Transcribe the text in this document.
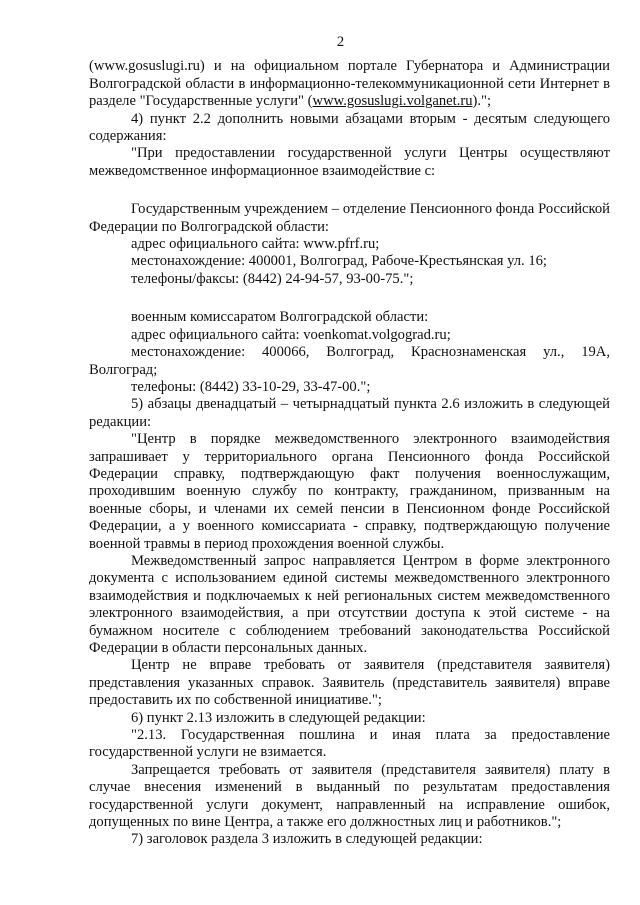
2

(www.gosuslugi.ru) и на официальном портале Губернатора и Администрации Волгоградской области в информационно-телекоммуникационной сети Интернет в разделе "Государственные услуги" (www.gosuslugi.volganet.ru).";

4) пункт 2.2 дополнить новыми абзацами вторым - десятым следующего содержания:

"При предоставлении государственной услуги Центры осуществляют межведомственное информационное взаимодействие с:

Государственным учреждением – отделение Пенсионного фонда Российской Федерации по Волгоградской области:

адрес официального сайта: www.pfrf.ru;

местонахождение: 400001, Волгоград, Рабоче-Крестьянская ул. 16;

телефоны/факсы: (8442) 24-94-57, 93-00-75.";

военным комиссаратом Волгоградской области:

адрес официального сайта: voenkomat.volgograd.ru;

местонахождение: 400066, Волгоград, Краснознаменская ул., 19А, Волгоград;

телефоны: (8442) 33-10-29, 33-47-00.";

5) абзацы двенадцатый – четырнадцатый пункта 2.6 изложить в следующей редакции:

"Центр в порядке межведомственного электронного взаимодействия запрашивает у территориального органа Пенсионного фонда Российской Федерации справку, подтверждающую факт получения военнослужащим, проходившим военную службу по контракту, гражданином, призванным на военные сборы, и членами их семей пенсии в Пенсионном фонде Российской Федерации, а у военного комиссариата - справку, подтверждающую получение военной травмы в период прохождения военной службы.

Межведомственный запрос направляется Центром в форме электронного документа с использованием единой системы межведомственного электронного взаимодействия и подключаемых к ней региональных систем межведомственного электронного взаимодействия, а при отсутствии доступа к этой системе - на бумажном носителе с соблюдением требований законодательства Российской Федерации в области персональных данных.

Центр не вправе требовать от заявителя (представителя заявителя) представления указанных справок. Заявитель (представитель заявителя) вправе предоставить их по собственной инициативе.";

6) пункт 2.13 изложить в следующей редакции:

"2.13. Государственная пошлина и иная плата за предоставление государственной услуги не взимается.

Запрещается требовать от заявителя (представителя заявителя) плату в случае внесения изменений в выданный по результатам предоставления государственной услуги документ, направленный на исправление ошибок, допущенных по вине Центра, а также его должностных лиц и работников.";

7) заголовок раздела 3 изложить в следующей редакции:
